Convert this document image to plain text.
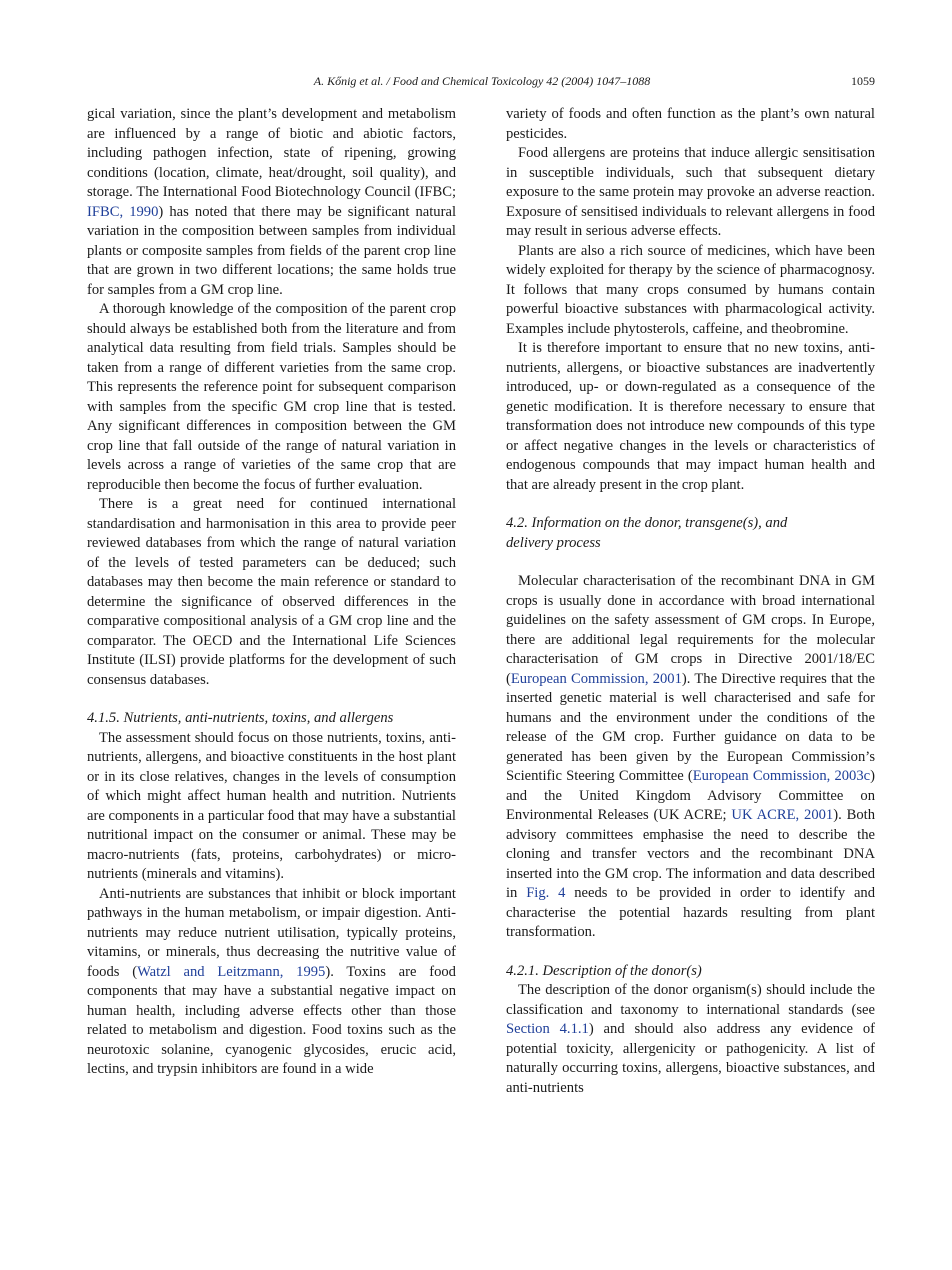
A. Kőnig et al. / Food and Chemical Toxicology 42 (2004) 1047–1088	1059

gical variation, since the plant’s development and metabolism are influenced by a range of biotic and abiotic factors, including pathogen infection, state of ripening, growing conditions (location, climate, heat/drought, soil quality), and storage. The International Food Biotechnology Council (IFBC; IFBC, 1990) has noted that there may be significant natural variation in the composition between samples from individual plants or composite samples from fields of the parent crop line that are grown in two different locations; the same holds true for samples from a GM crop line.

A thorough knowledge of the composition of the parent crop should always be established both from the literature and from analytical data resulting from field trials. Samples should be taken from a range of different varieties from the same crop. This represents the reference point for subsequent comparison with samples from the specific GM crop line that is tested. Any significant differences in composition between the GM crop line that fall outside of the range of natural variation in levels across a range of varieties of the same crop that are reproducible then become the focus of further evaluation.

There is a great need for continued international standardisation and harmonisation in this area to provide peer reviewed databases from which the range of natural variation of the levels of tested parameters can be deduced; such databases may then become the main reference or standard to determine the significance of observed differences in the comparative compositional analysis of a GM crop line and the comparator. The OECD and the International Life Sciences Institute (ILSI) provide platforms for the development of such consensus databases.

4.1.5. Nutrients, anti-nutrients, toxins, and allergens

The assessment should focus on those nutrients, toxins, anti-nutrients, allergens, and bioactive constituents in the host plant or in its close relatives, changes in the levels of consumption of which might affect human health and nutrition. Nutrients are components in a particular food that may have a substantial nutritional impact on the consumer or animal. These may be macro-nutrients (fats, proteins, carbohydrates) or micro-nutrients (minerals and vitamins).

Anti-nutrients are substances that inhibit or block important pathways in the human metabolism, or impair digestion. Anti-nutrients may reduce nutrient utilisation, typically proteins, vitamins, or minerals, thus decreasing the nutritive value of foods (Watzl and Leitzmann, 1995). Toxins are food components that may have a substantial negative impact on human health, including adverse effects other than those related to metabolism and digestion. Food toxins such as the neurotoxic solanine, cyanogenic glycosides, erucic acid, lectins, and trypsin inhibitors are found in a wide

variety of foods and often function as the plant’s own natural pesticides.

Food allergens are proteins that induce allergic sensitisation in susceptible individuals, such that subsequent dietary exposure to the same protein may provoke an adverse reaction. Exposure of sensitised individuals to relevant allergens in food may result in serious adverse effects.

Plants are also a rich source of medicines, which have been widely exploited for therapy by the science of pharmacognosy. It follows that many crops consumed by humans contain powerful bioactive substances with pharmacological activity. Examples include phytosterols, caffeine, and theobromine.

It is therefore important to ensure that no new toxins, anti-nutrients, allergens, or bioactive substances are inadvertently introduced, up- or down-regulated as a consequence of the genetic modification. It is therefore necessary to ensure that transformation does not introduce new compounds of this type or affect negative changes in the levels or characteristics of endogenous compounds that may impact human health and that are already present in the crop plant.

4.2. Information on the donor, transgene(s), and
delivery process

Molecular characterisation of the recombinant DNA in GM crops is usually done in accordance with broad international guidelines on the safety assessment of GM crops. In Europe, there are additional legal requirements for the molecular characterisation of GM crops in Directive 2001/18/EC (European Commission, 2001). The Directive requires that the inserted genetic material is well characterised and safe for humans and the environment under the conditions of the release of the GM crop. Further guidance on data to be generated has been given by the European Commission’s Scientific Steering Committee (European Commission, 2003c) and the United Kingdom Advisory Committee on Environmental Releases (UK ACRE; UK ACRE, 2001). Both advisory committees emphasise the need to describe the cloning and transfer vectors and the recombinant DNA inserted into the GM crop. The information and data described in Fig. 4 needs to be provided in order to identify and characterise the potential hazards resulting from plant transformation.

4.2.1. Description of the donor(s)

The description of the donor organism(s) should include the classification and taxonomy to international standards (see Section 4.1.1) and should also address any evidence of potential toxicity, allergenicity or pathogenicity. A list of naturally occurring toxins, allergens, bioactive substances, and anti-nutrients
